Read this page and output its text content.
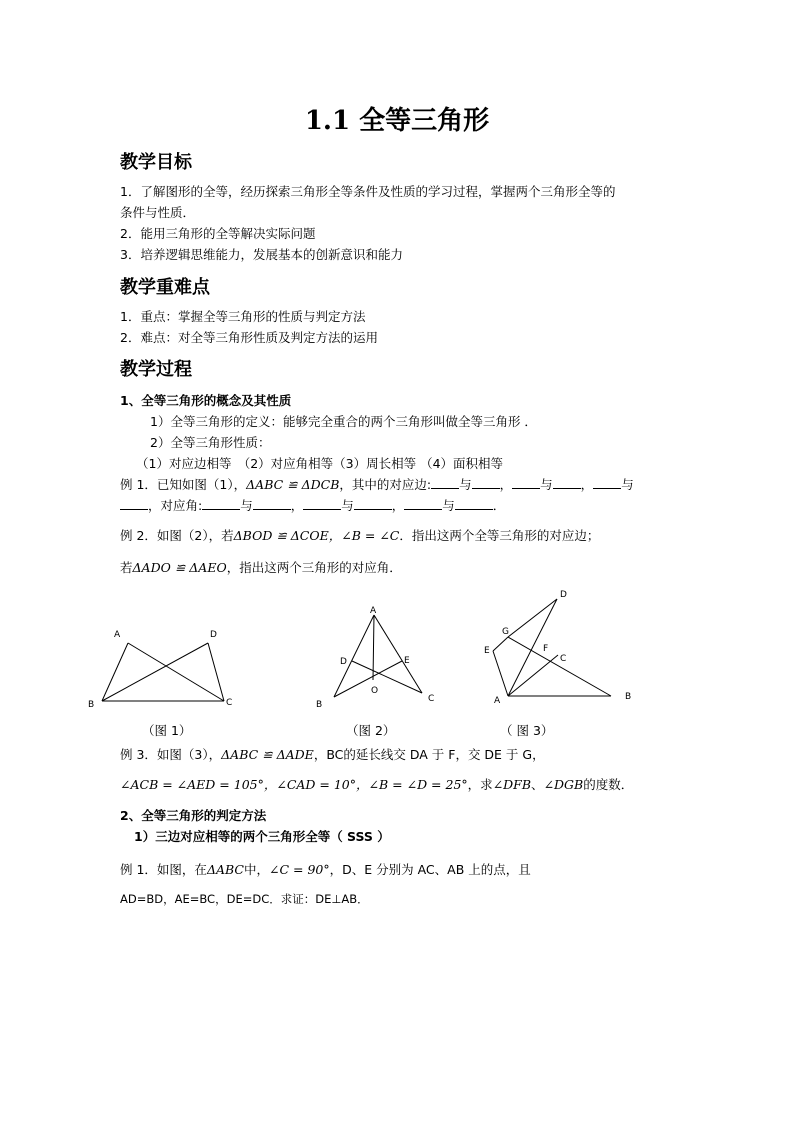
1.1 全等三角形
教学目标
1．了解图形的全等，经历探索三角形全等条件及性质的学习过程，掌握两个三角形全等的
条件与性质．
2．能用三角形的全等解决实际问题
3．培养逻辑思维能力，发展基本的创新意识和能力
教学重难点
1．重点：掌握全等三角形的性质与判定方法
2．难点：对全等三角形性质及判定方法的运用
教学过程
1、全等三角形的概念及其性质
1）全等三角形的定义：能够完全重合的两个三角形叫做全等三角形 ．
2）全等三角形性质：
（1）对应边相等　（2）对应角相等（3）周长相等 （4）面积相等
例 1．已知如图（1），ΔABC ≌ ΔDCB，其中的对应边: 与 ， 与 ， 与
，对应角:	与	，	与	，	与	．
例 2．如图（2），若ΔBOD ≌ ΔCOE，∠B = ∠C．指出这两个全等三角形的对应边；
若ΔADO ≌ ΔAEO，指出这两个三角形的对应角．
A	D
B	C
（图 1）
A
D	E
O
B
C
（图 2）
D
G
F
E
C
A	B
（ 图 3）
例 3．如图（3），ΔABC ≌ ΔADE，BC的延长线交 DA 于 F，交 DE 于 G，
∠ACB = ∠AED = 105°，∠CAD = 10°，∠B = ∠D = 25°，求∠DFB、∠DGB的度数．
2、全等三角形的判定方法
1）三边对应相等的两个三角形全等（ SSS ）
例 1．如图，在ΔABC中，∠C = 90°，D、E 分别为 AC、AB 上的点，且
AD=BD，AE=BC，DE=DC．求证：DE⊥AB．
